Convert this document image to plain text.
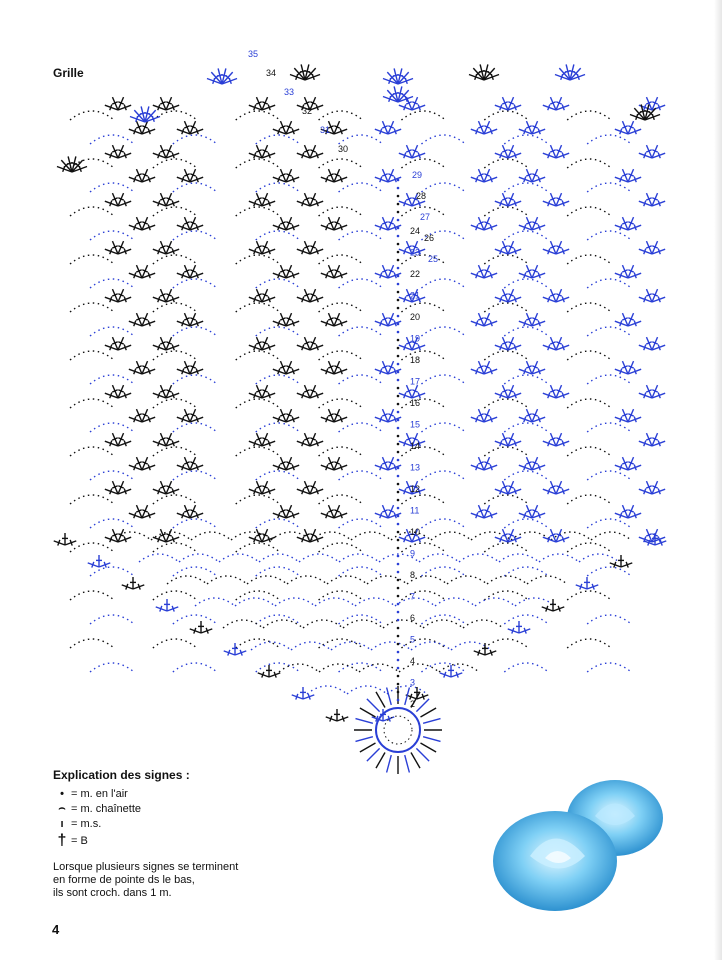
Grille
2
3
4
5
6
7
8
9
10
11
12
13
14
15
16
17
18
19
20
21
22
23
24
25
26
27
28
29
30
31
32
33
34
35
Explication des signes :
• = m. en l'air
⌢ = m. chaînette
ı = m.s.
† = B
Lorsque plusieurs signes se terminent
en forme de pointe ds le bas,
ils sont croch. dans 1 m.
4
